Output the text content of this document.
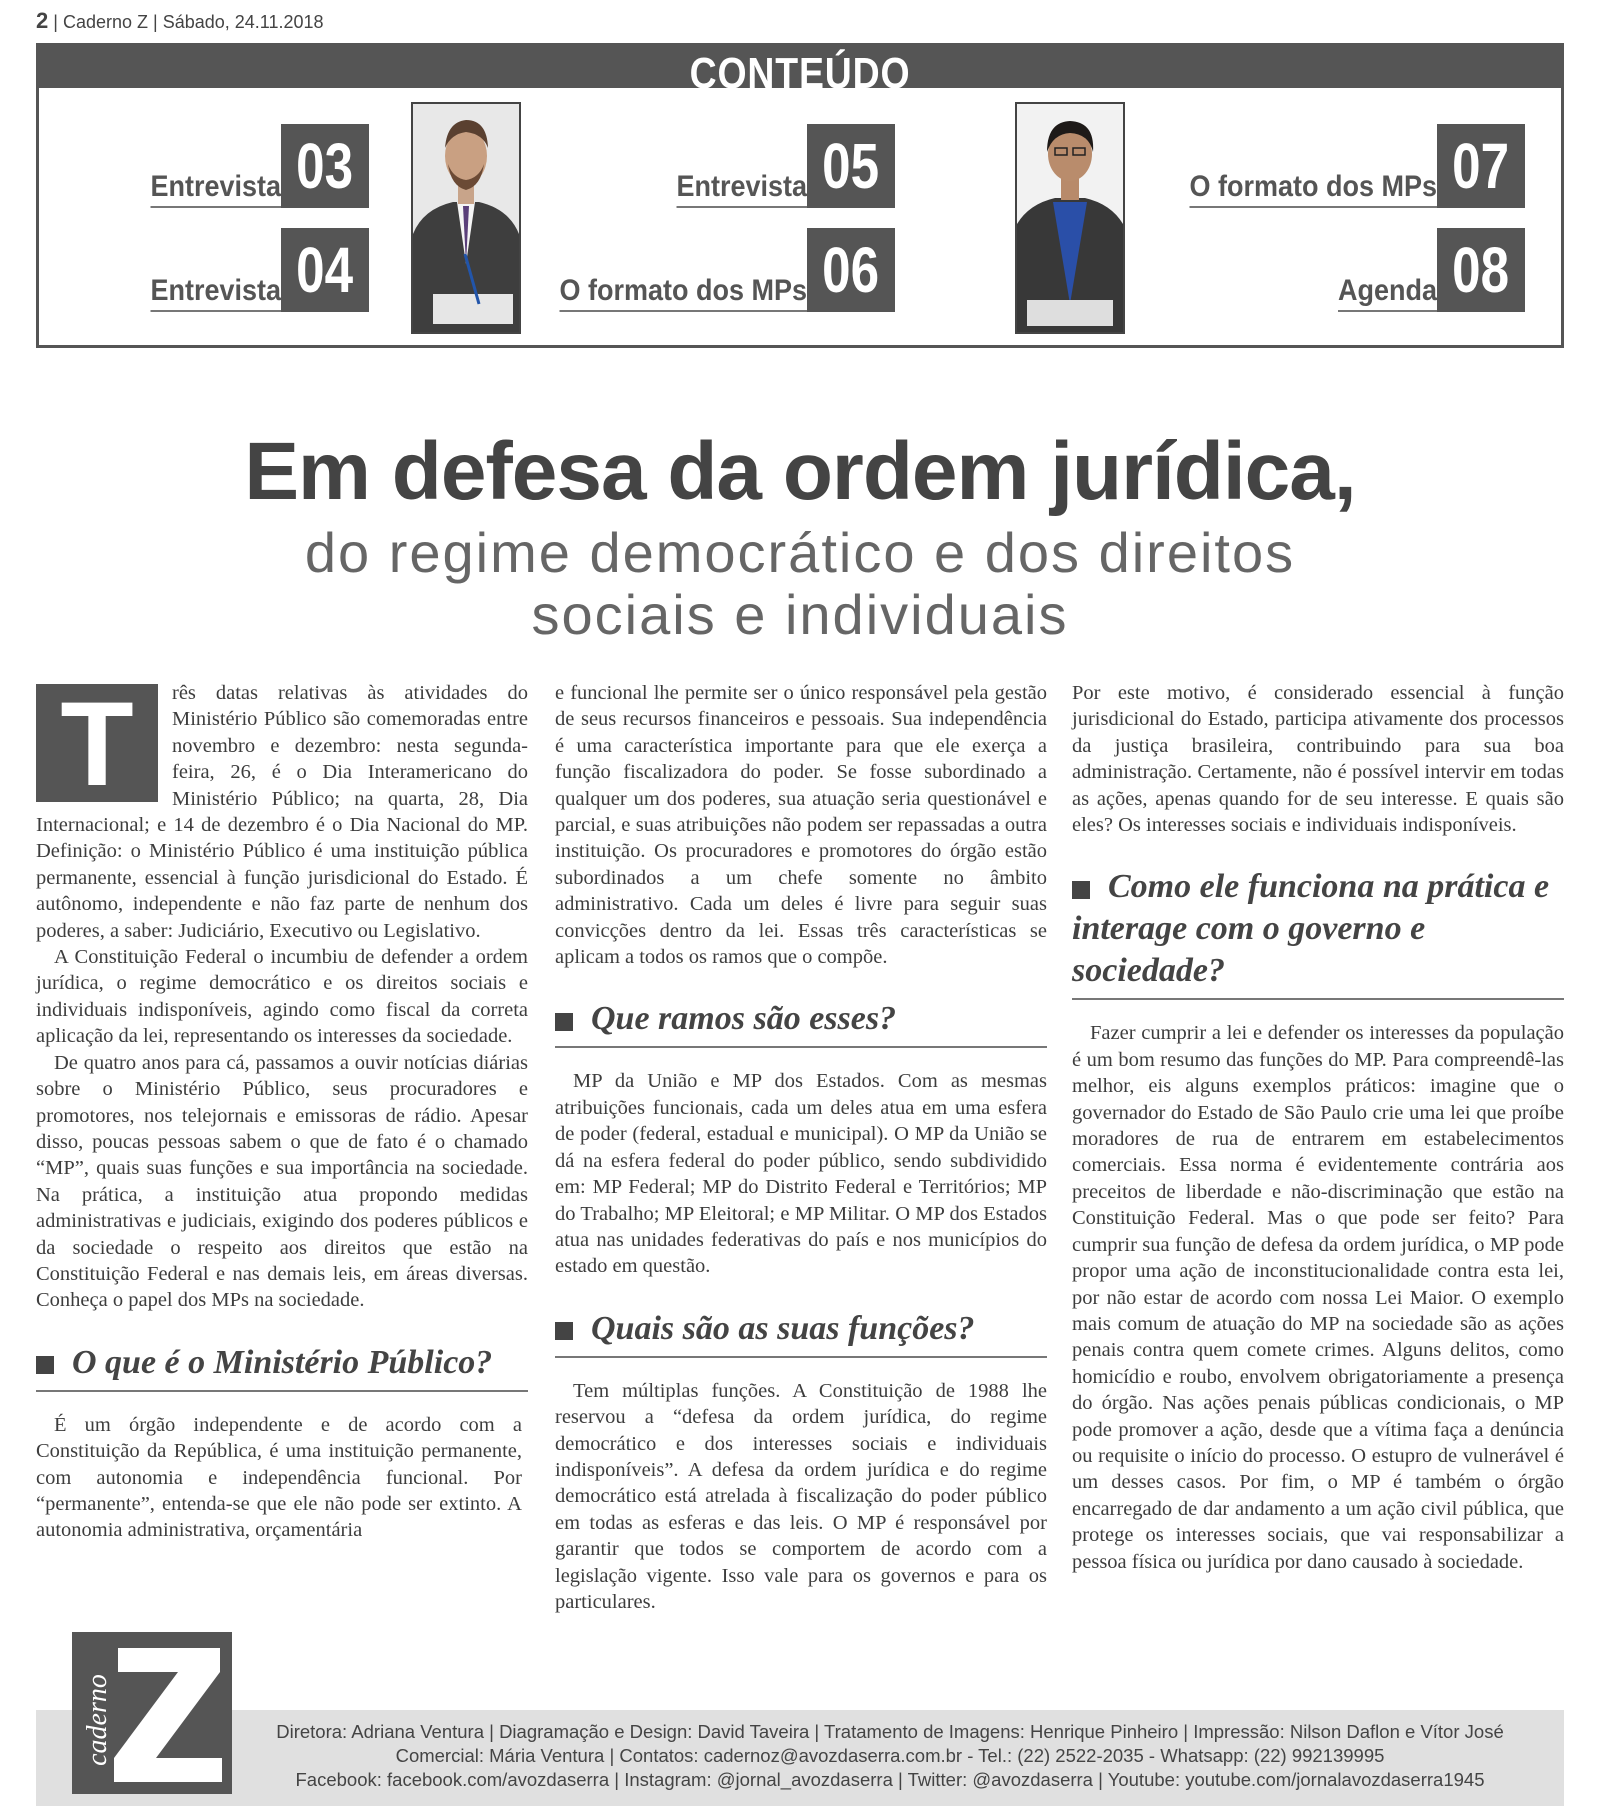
2 | Caderno Z | Sábado, 24.11.2018
CONTEÚDO
Entrevista 03
Entrevista 04
Entrevista 05
O formato dos MPs 06
O formato dos MPs 07
Agenda 08
Em defesa da ordem jurídica,
do regime democrático e dos direitos
sociais e individuais
T	rês datas relativas às atividades do Ministério Público são comemoradas entre novembro e dezembro: nesta segunda-feira, 26, é o Dia Interamericano do Ministério Público; na quarta, 28, Dia Internacional; e 14 de dezembro é o Dia Nacional do MP. Definição: o Ministério Público é uma instituição pública permanente, essencial à função jurisdicional do Estado. É autônomo, independente e não faz parte de nenhum dos poderes, a saber: Judiciário, Executivo ou Legislativo.

A Constituição Federal o incumbiu de defender a ordem jurídica, o regime democrático e os direitos sociais e individuais indisponíveis, agindo como fiscal da correta aplicação da lei, representando os interesses da sociedade.

De quatro anos para cá, passamos a ouvir notícias diárias sobre o Ministério Público, seus procuradores e promotores, nos telejornais e emissoras de rádio. Apesar disso, poucas pessoas sabem o que de fato é o chamado “MP”, quais suas funções e sua importância na sociedade. Na prática, a instituição atua propondo medidas administrativas e judiciais, exigindo dos poderes públicos e da sociedade o respeito aos direitos que estão na Constituição Federal e nas demais leis, em áreas diversas. Conheça o papel dos MPs na sociedade.

O que é o Ministério Público?

É um órgão independente e de acordo com a Constituição da República, é uma instituição permanente, com autonomia e independência funcional. Por “permanente”, entenda-se que ele não pode ser extinto. A autonomia administrativa, orçamentária

e funcional lhe permite ser o único responsável pela gestão de seus recursos financeiros e pessoais. Sua independência é uma característica importante para que ele exerça a função fiscalizadora do poder. Se fosse subordinado a qualquer um dos poderes, sua atuação seria questionável e parcial, e suas atribuições não podem ser repassadas a outra instituição. Os procuradores e promotores do órgão estão subordinados a um chefe somente no âmbito administrativo. Cada um deles é livre para seguir suas convicções dentro da lei. Essas três características se aplicam a todos os ramos que o compõe.

Que ramos são esses?

MP da União e MP dos Estados. Com as mesmas atribuições funcionais, cada um deles atua em uma esfera de poder (federal, estadual e municipal). O MP da União se dá na esfera federal do poder público, sendo subdividido em: MP Federal; MP do Distrito Federal e Territórios; MP do Trabalho; MP Eleitoral; e MP Militar. O MP dos Estados atua nas unidades federativas do país e nos municípios do estado em questão.

Quais são as suas funções?

Tem múltiplas funções. A Constituição de 1988 lhe reservou a “defesa da ordem jurídica, do regime democrático e dos interesses sociais e individuais indisponíveis”. A defesa da ordem jurídica e do regime democrático está atrelada à fiscalização do poder público em todas as esferas e das leis. O MP é responsável por garantir que todos se comportem de acordo com a legislação vigente. Isso vale para os governos e para os particulares.

Por este motivo, é considerado essencial à função jurisdicional do Estado, participa ativamente dos processos da justiça brasileira, contribuindo para sua boa administração. Certamente, não é possível intervir em todas as ações, apenas quando for de seu interesse. E quais são eles? Os interesses sociais e individuais indisponíveis.

Como ele funciona na prática e interage com o governo e sociedade?

Fazer cumprir a lei e defender os interesses da população é um bom resumo das funções do MP. Para compreendê-las melhor, eis alguns exemplos práticos: imagine que o governador do Estado de São Paulo crie uma lei que proíbe moradores de rua de entrarem em estabelecimentos comerciais. Essa norma é evidentemente contrária aos preceitos de liberdade e não-discriminação que estão na Constituição Federal. Mas o que pode ser feito? Para cumprir sua função de defesa da ordem jurídica, o MP pode propor uma ação de inconstitucionalidade contra esta lei, por não estar de acordo com nossa Lei Maior. O exemplo mais comum de atuação do MP na sociedade são as ações penais contra quem comete crimes. Alguns delitos, como homicídio e roubo, envolvem obrigatoriamente a presença do órgão. Nas ações penais públicas condicionais, o MP pode promover a ação, desde que a vítima faça a denúncia ou requisite o início do processo. O estupro de vulnerável é um desses casos. Por fim, o MP é também o órgão encarregado de dar andamento a um ação civil pública, que protege os interesses sociais, que vai responsabilizar a pessoa física ou jurídica por dano causado à sociedade.

Diretora: Adriana Ventura | Diagramação e Design: David Taveira | Tratamento de Imagens: Henrique Pinheiro | Impressão: Nilson Daflon e Vítor José
Comercial: Mária Ventura | Contatos: cadernoz@avozdaserra.com.br - Tel.: (22) 2522-2035 - Whatsapp: (22) 992139995
Facebook: facebook.com/avozdaserra | Instagram: @jornal_avozdaserra | Twitter: @avozdaserra | Youtube: youtube.com/jornalavozdaserra1945
caderno
